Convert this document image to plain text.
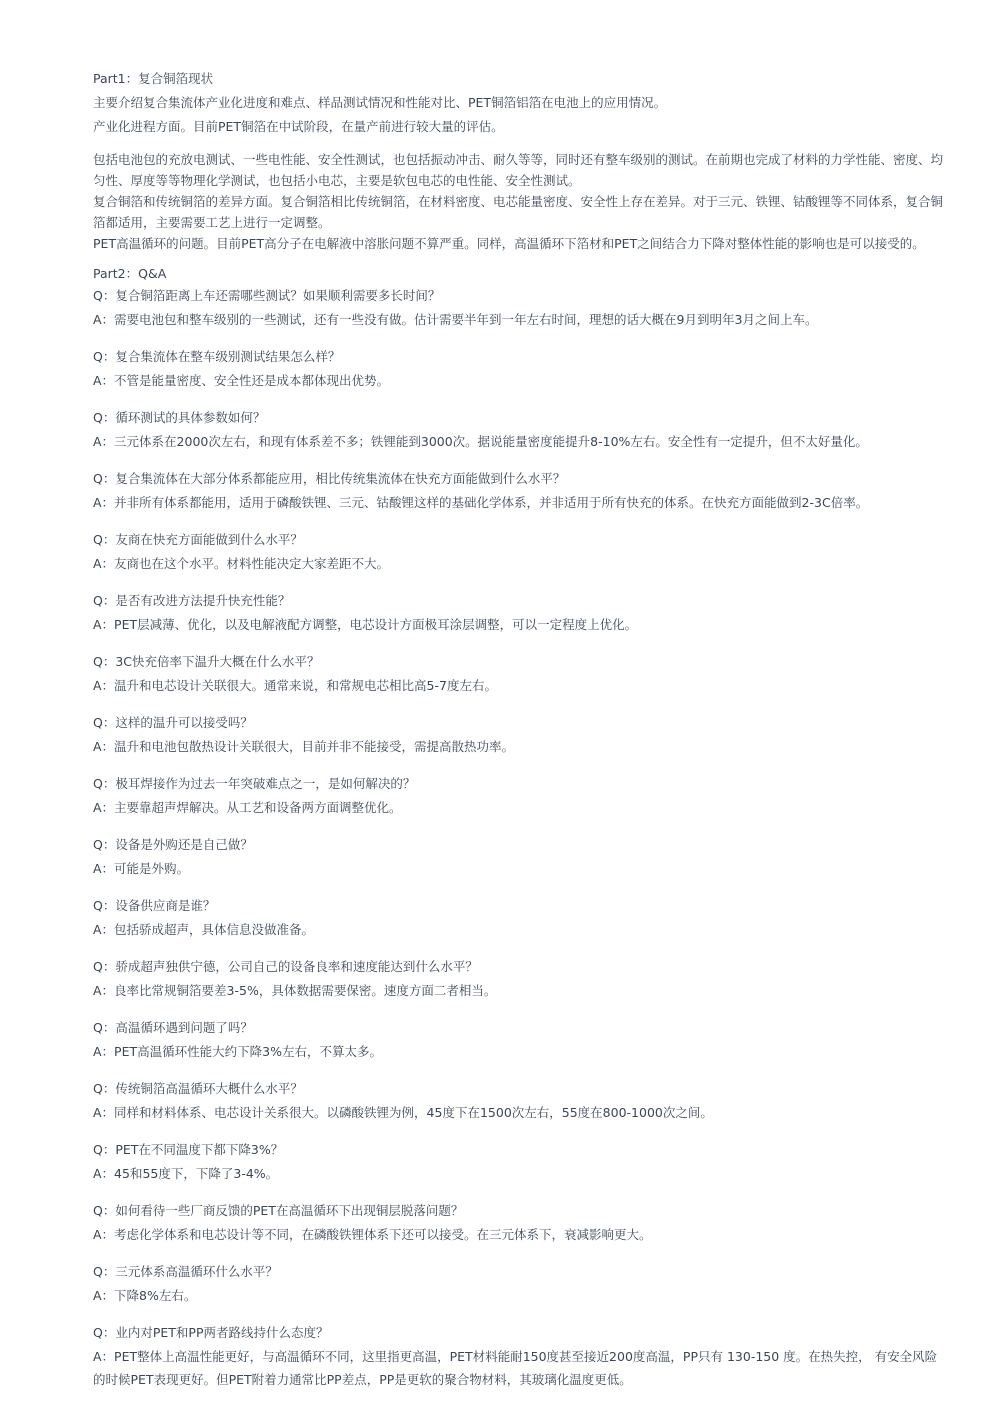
Part1：复合铜箔现状
主要介绍复合集流体产业化进度和难点、样品测试情况和性能对比、PET铜箔铝箔在电池上的应用情况。
产业化进程方面。目前PET铜箔在中试阶段，在量产前进行较大量的评估。
包括电池包的充放电测试、一些电性能、安全性测试，也包括振动冲击、耐久等等，同时还有整车级别的测试。在前期也完成了材料的力学性能、密度、均匀性、厚度等等物理化学测试，也包括小电芯，主要是软包电芯的电性能、安全性测试。
复合铜箔和传统铜箔的差异方面。复合铜箔相比传统铜箔，在材料密度、电芯能量密度、安全性上存在差异。对于三元、铁锂、钴酸锂等不同体系，复合铜箔都适用，主要需要工艺上进行一定调整。
PET高温循环的问题。目前PET高分子在电解液中溶胀问题不算严重。同样，高温循环下箔材和PET之间结合力下降对整体性能的影响也是可以接受的。
Part2：Q&A
Q：复合铜箔距离上车还需哪些测试？如果顺利需要多长时间？
A：需要电池包和整车级别的一些测试，还有一些没有做。估计需要半年到一年左右时间，理想的话大概在9月到明年3月之间上车。
Q：复合集流体在整车级别测试结果怎么样？
A：不管是能量密度、安全性还是成本都体现出优势。
Q：循环测试的具体参数如何？
A：三元体系在2000次左右，和现有体系差不多；铁锂能到3000次。据说能量密度能提升8-10%左右。安全性有一定提升，但不太好量化。
Q：复合集流体在大部分体系都能应用，相比传统集流体在快充方面能做到什么水平？
A：并非所有体系都能用，适用于磷酸铁锂、三元、钴酸锂这样的基础化学体系，并非适用于所有快充的体系。在快充方面能做到2-3C倍率。
Q：友商在快充方面能做到什么水平？
A：友商也在这个水平。材料性能决定大家差距不大。
Q：是否有改进方法提升快充性能？
A：PET层减薄、优化，以及电解液配方调整，电芯设计方面极耳涂层调整，可以一定程度上优化。
Q：3C快充倍率下温升大概在什么水平？
A：温升和电芯设计关联很大。通常来说，和常规电芯相比高5-7度左右。
Q：这样的温升可以接受吗？
A：温升和电池包散热设计关联很大，目前并非不能接受，需提高散热功率。
Q：极耳焊接作为过去一年突破难点之一，是如何解决的？
A：主要靠超声焊解决。从工艺和设备两方面调整优化。
Q：设备是外购还是自己做？
A：可能是外购。
Q：设备供应商是谁？
A：包括骄成超声，具体信息没做准备。
Q：骄成超声独供宁德，公司自己的设备良率和速度能达到什么水平？
A：良率比常规铜箔要差3-5%，具体数据需要保密。速度方面二者相当。
Q：高温循环遇到问题了吗？
A：PET高温循环性能大约下降3%左右，不算太多。
Q：传统铜箔高温循环大概什么水平？
A：同样和材料体系、电芯设计关系很大。以磷酸铁锂为例，45度下在1500次左右，55度在800-1000次之间。
Q：PET在不同温度下都下降3%？
A：45和55度下，下降了3-4%。
Q：如何看待一些厂商反馈的PET在高温循环下出现铜层脱落问题？
A：考虑化学体系和电芯设计等不同，在磷酸铁锂体系下还可以接受。在三元体系下，衰减影响更大。
Q：三元体系高温循环什么水平？
A：下降8%左右。
Q：业内对PET和PP两者路线持什么态度？
A：PET整体上高温性能更好，与高温循环不同，这里指更高温，PET材料能耐150度甚至接近200度高温，PP只有 130-150 度。在热失控， 有安全风险的时候PET表现更好。但PET附着力通常比PP差点，PP是更软的聚合物材料，其玻璃化温度更低。
